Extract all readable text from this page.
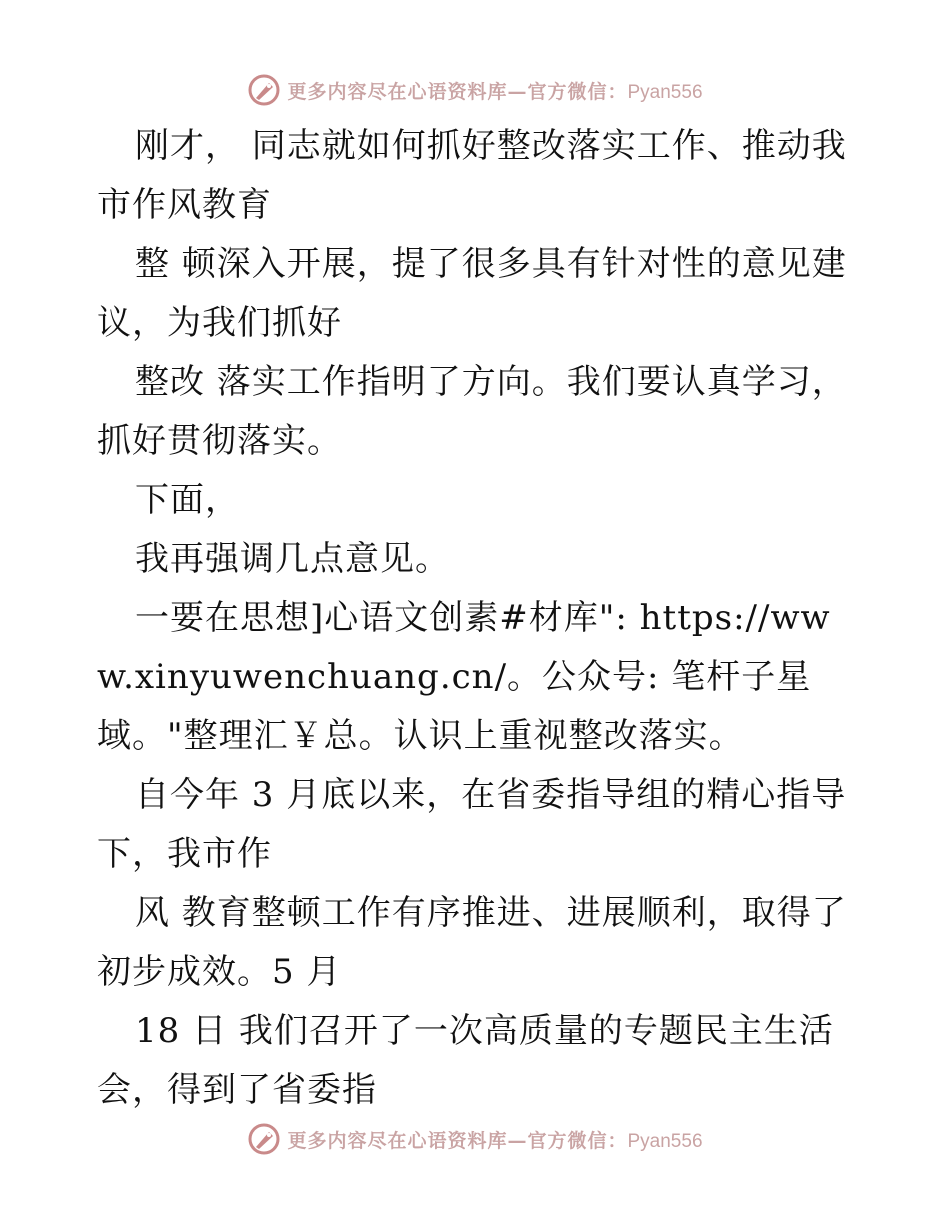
更多内容尽在心语资料库—官方微信：Pyan556

刚才， 同志就如何抓好整改落实工作、推动我市作风教育

整 顿深入开展，提了很多具有针对性的意见建议，为我们抓好

整改 落实工作指明了方向。我们要认真学习，抓好贯彻落实。

下面，

我再强调几点意见。

一要在思想]心语文创素#材库": https://www.xinyuwenchuang.cn/。公众号: 笔杆子星域。"整理汇￥总。认识上重视整改落实。

自今年 3 月底以来，在省委指导组的精心指导下，我市作

风 教育整顿工作有序推进、进展顺利，取得了初步成效。5 月

18 日 我们召开了一次高质量的专题民主生活会，得到了省委指

更多内容尽在心语资料库—官方微信：Pyan556
